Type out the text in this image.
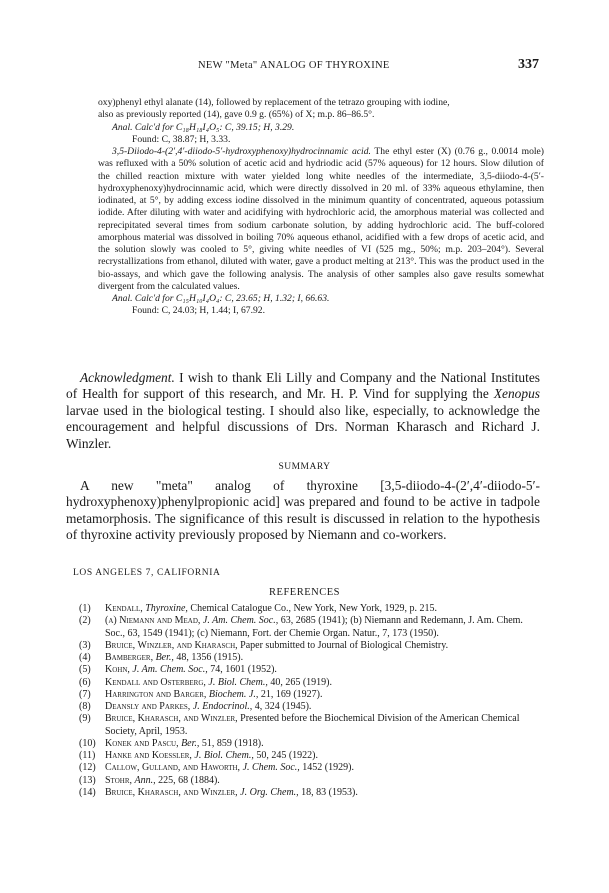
NEW "Meta" ANALOG OF THYROXINE	337

oxy)phenyl ethyl alanate (14), followed by replacement of the tetrazo grouping with iodine,

also as previously reported (14), gave 0.9 g. (65%) of X; m.p. 86–86.5°.

Anal. Calc'd for C₁₈H₁₈I₄O₅: C, 39.15; H, 3.29.

Found: C, 38.87; H, 3.33.

3,5-Diiodo-4-(2′,4′-diiodo-5′-hydroxyphenoxy)hydrocinnamic acid. The ethyl ester (X) (0.76 g., 0.0014 mole) was refluxed with a 50% solution of acetic acid and hydriodic acid (57% aqueous) for 12 hours. Slow dilution of the chilled reaction mixture with water yielded long white needles of the intermediate, 3,5-diiodo-4-(5′-hydroxyphenoxy)hydrocinnamic acid, which were directly dissolved in 20 ml. of 33% aqueous ethylamine, then iodinated, at 5°, by adding excess iodine dissolved in the minimum quantity of concentrated, aqueous potassium iodide. After diluting with water and acidifying with hydrochloric acid, the amorphous material was collected and reprecipitated several times from sodium carbonate solution, by adding hydrochloric acid. The buff-colored amorphous material was dissolved in boiling 70% aqueous ethanol, acidified with a few drops of acetic acid, and the solution slowly was cooled to 5°, giving white needles of VI (525 mg., 50%; m.p. 203–204°). Several recrystallizations from ethanol, diluted with water, gave a product melting at 213°. This was the product used in the bio-assays, and which gave the following analysis. The analysis of other samples also gave results somewhat divergent from the calculated values.

Anal. Calc'd for C₁₅H₁₀I₄O₄: C, 23.65; H, 1.32; I, 66.63.

Found: C, 24.03; H, 1.44; I, 67.92.

Acknowledgment. I wish to thank Eli Lilly and Company and the National Institutes of Health for support of this research, and Mr. H. P. Vind for supplying the Xenopus larvae used in the biological testing. I should also like, especially, to acknowledge the encouragement and helpful discussions of Drs. Norman Kharasch and Richard J. Winzler.

SUMMARY

A new "meta" analog of thyroxine [3,5-diiodo-4-(2′,4′-diiodo-5′-hydroxyphenoxy)phenylpropionic acid] was prepared and found to be active in tadpole metamorphosis. The significance of this result is discussed in relation to the hypothesis of thyroxine activity previously proposed by Niemann and co-workers.

LOS ANGELES 7, CALIFORNIA
REFERENCES
(1)	Kendall, Thyroxine, Chemical Catalogue Co., New York, New York, 1929, p. 215.
(2)	(a) Niemann and Mead, J. Am. Chem. Soc., 63, 2685 (1941); (b) Niemann and Redemann, J. Am. Chem. Soc., 63, 1549 (1941); (c) Niemann, Fort. der Chemie Organ. Natur., 7, 173 (1950).
(3)	Bruice, Winzler, and Kharasch, Paper submitted to Journal of Biological Chemistry.
(4)	Bamberger, Ber., 48, 1356 (1915).
(5)	Kohn, J. Am. Chem. Soc., 74, 1601 (1952).
(6)	Kendall and Osterberg, J. Biol. Chem., 40, 265 (1919).
(7)	Harrington and Barger, Biochem. J., 21, 169 (1927).
(8)	Deansly and Parkes, J. Endocrinol., 4, 324 (1945).
(9)	Bruice, Kharasch, and Winzler, Presented before the Biochemical Division of the American Chemical Society, April, 1953.
(10) Konek and Pascu, Ber., 51, 859 (1918).
(11) Hanke and Koessler, J. Biol. Chem., 50, 245 (1922).
(12) Callow, Gulland, and Haworth, J. Chem. Soc., 1452 (1929).
(13) Stohr, Ann., 225, 68 (1884).
(14) Bruice, Kharasch, and Winzler, J. Org. Chem., 18, 83 (1953).
